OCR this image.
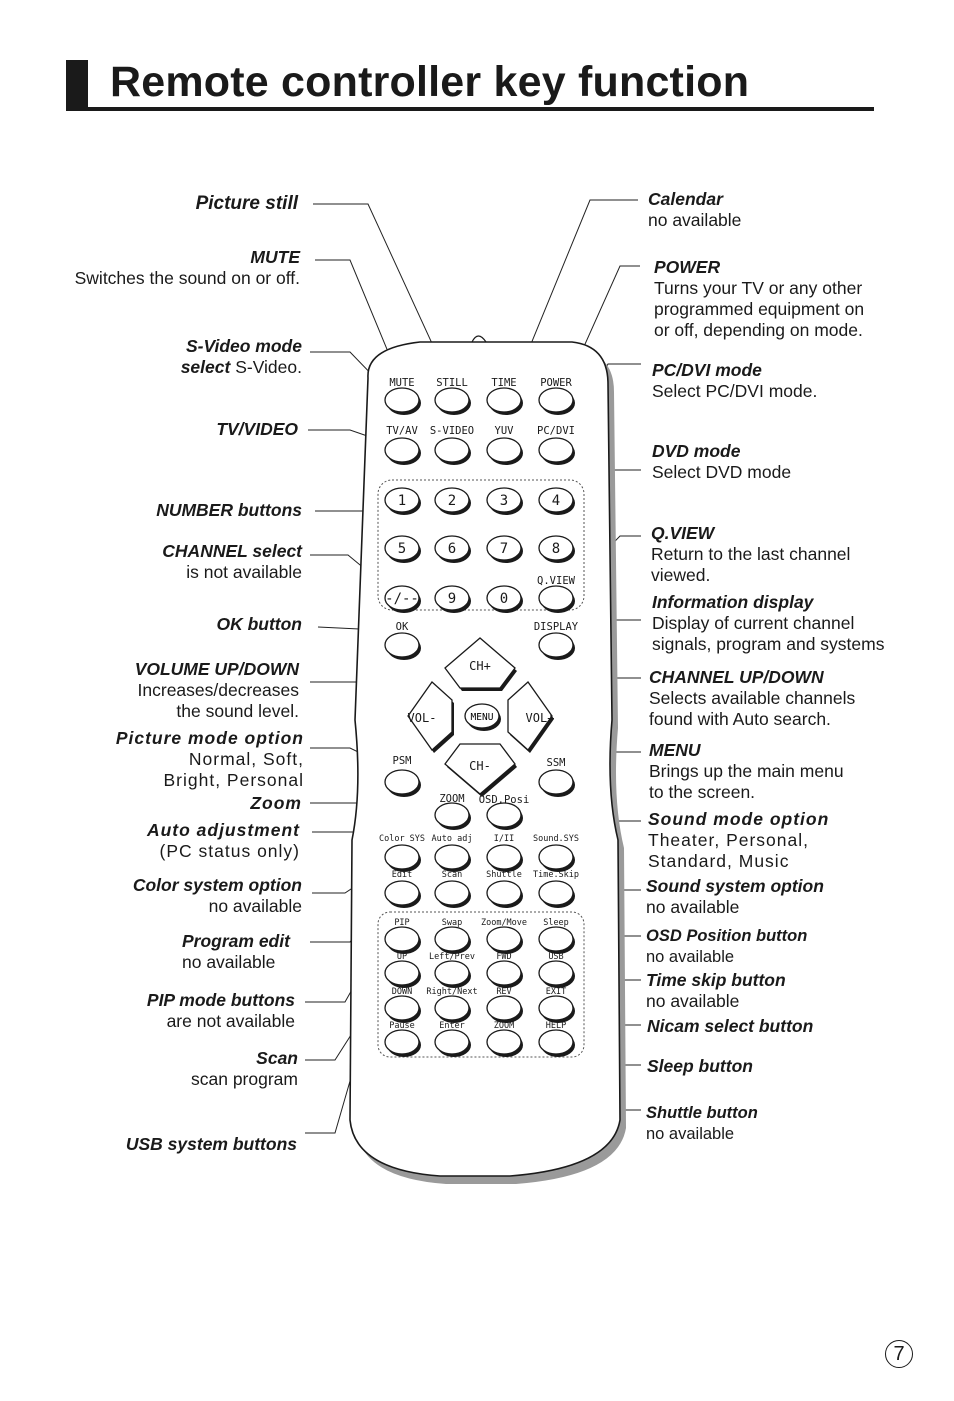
Remote controller key function
MUTE STILL TIME POWER
TV/AV S-VIDEO YUV PC/DVI
1	2	3	4
5	6	7	8
-/-- 9	0
Q.VIEW
OK	DISPLAY
CH+
CH-
VOL-	VOL+
MENU
PSM	SSM
ZOOM OSD.Posi
Color SYS Auto adj	I/II Sound.SYS
Edit	Scan	Shuttle Time.Skip
PIP	Swap Zoom/Move Sleep
UP	Left/Prev	FWD	USB
DOWN Right/Next REV	EXIT
Pause	Enter	ZOOM	HELP
Picture still
MUTE
Switches the sound on or off.
S-Video mode
select S-Video.
TV/VIDEO
NUMBER buttons
CHANNEL select
is not available
OK button
VOLUME UP/DOWN
Increases/decreases
the sound level.
Picture mode option
Normal, Soft,
Bright, Personal
Zoom
Auto adjustment
(PC status only)
Color system option
no available
Program edit
no available
PIP mode buttons
are not available
Scan
scan program
USB system buttons
Calendar
no available
POWER
Turns your TV or any other
programmed equipment on
or off, depending on mode.
PC/DVI mode
Select PC/DVI mode.
DVD mode
Select DVD mode
Q.VIEW
Return to the last channel
viewed.
Information display
Display of current channel
signals, program and systems
CHANNEL UP/DOWN
Selects available channels
found with Auto search.
MENU
Brings up the main menu
to the screen.
Sound mode option
Theater, Personal,
Standard, Music
Sound system option
no available
OSD Position button
no available
Time skip button
no available
Nicam select button
Sleep button
Shuttle button
no available
7
